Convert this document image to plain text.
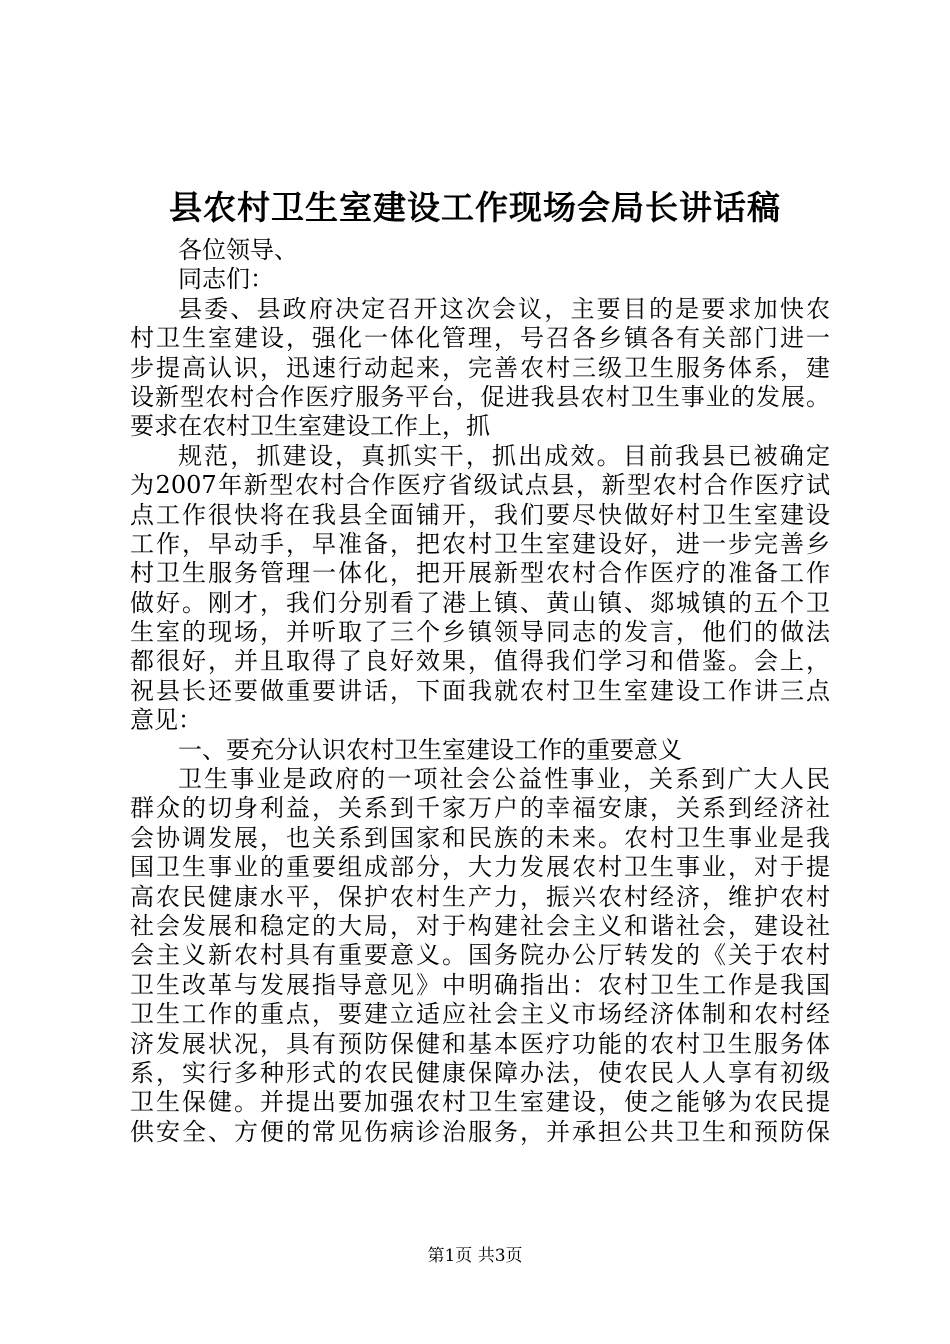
县农村卫生室建设工作现场会局长讲话稿
各位领导、
同志们：
县委、县政府决定召开这次会议，主要目的是要求加快农
村卫生室建设，强化一体化管理，号召各乡镇各有关部门进一
步提高认识，迅速行动起来，完善农村三级卫生服务体系，建
设新型农村合作医疗服务平台，促进我县农村卫生事业的发展。
要求在农村卫生室建设工作上，抓
规范，抓建设，真抓实干，抓出成效。目前我县已被确定
为2007年新型农村合作医疗省级试点县，新型农村合作医疗试
点工作很快将在我县全面铺开，我们要尽快做好村卫生室建设
工作，早动手，早准备，把农村卫生室建设好，进一步完善乡
村卫生服务管理一体化，把开展新型农村合作医疗的准备工作
做好。刚才，我们分别看了港上镇、黄山镇、郯城镇的五个卫
生室的现场，并听取了三个乡镇领导同志的发言，他们的做法
都很好，并且取得了良好效果，值得我们学习和借鉴。会上，
祝县长还要做重要讲话，下面我就农村卫生室建设工作讲三点
意见：
一、要充分认识农村卫生室建设工作的重要意义
卫生事业是政府的一项社会公益性事业，关系到广大人民
群众的切身利益，关系到千家万户的幸福安康，关系到经济社
会协调发展，也关系到国家和民族的未来。农村卫生事业是我
国卫生事业的重要组成部分，大力发展农村卫生事业，对于提
高农民健康水平，保护农村生产力，振兴农村经济，维护农村
社会发展和稳定的大局，对于构建社会主义和谐社会，建设社
会主义新农村具有重要意义。国务院办公厅转发的《关于农村
卫生改革与发展指导意见》中明确指出：农村卫生工作是我国
卫生工作的重点，要建立适应社会主义市场经济体制和农村经
济发展状况，具有预防保健和基本医疗功能的农村卫生服务体
系，实行多种形式的农民健康保障办法，使农民人人享有初级
卫生保健。并提出要加强农村卫生室建设，使之能够为农民提
供安全、方便的常见伤病诊治服务，并承担公共卫生和预防保
第1页 共3页
